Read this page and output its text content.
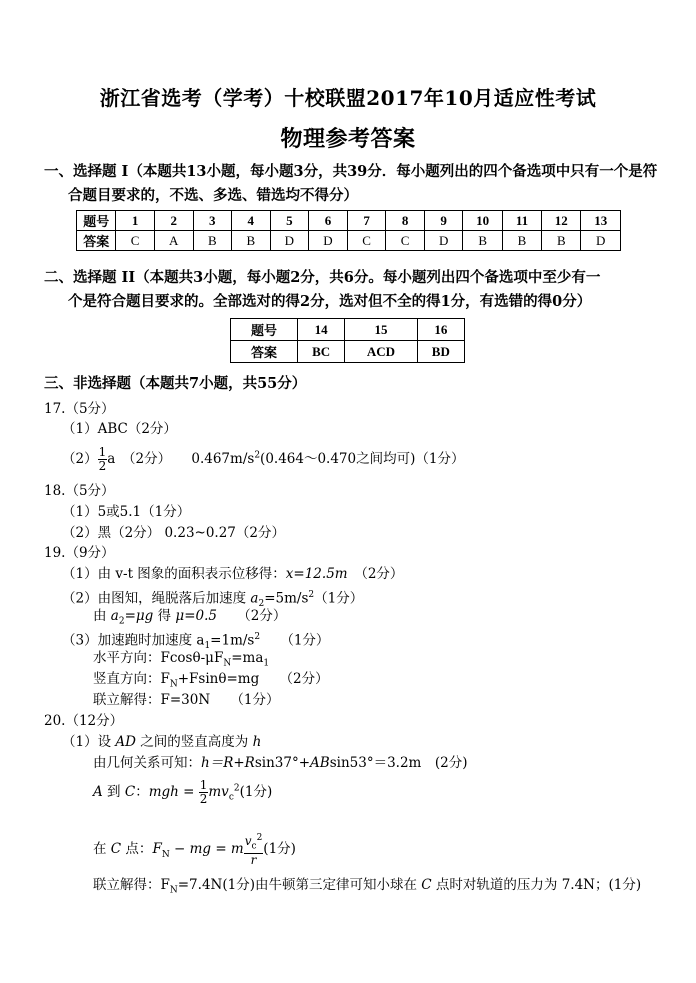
浙江省选考（学考）十校联盟2017年10月适应性考试
物理参考答案
一、选择题 I（本题共13小题，每小题3分，共39分．每小题列出的四个备选项中只有一个是符
合题目要求的，不选、多选、错选均不得分）
题号	1	2	3	4	5	6	7	8	9	10	11	12	13
答案	C	A	B	B	D	D	C	C	D	B	B	B	D
二、选择题 II（本题共3小题，每小题2分，共6分。每小题列出四个备选项中至少有一
个是符合题目要求的。全部选对的得2分，选对但不全的得1分，有选错的得0分）
题号	14	15	16
答案	BC	ACD	BD
三、非选择题（本题共7小题，共55分）
17.（5分）
（1）ABC（2分）
$(2) \frac{1}{2}$ a　（2分）　　$0.467m/s^2(0.464\sim 0.470$之间均可)（1分）
18.（5分）
（1）5或5.1（1分）
（2）黑（2分） 0.23~0.27（2分）
19.（9分）
（1）由 v-t 图象的面积表示位移得：x=12.5m　（2分）
（2）由图知，绳脱落后加速度 $a_2=5m/s^2(1$分）
由 $a_2=\mu g$ 得 μ=0.5　　（2分）
（3）加速跑时加速度 $a_1=1m/s^2$　　（1分）
水平方向：Fcosθ-$\mu F_N=ma_1$
竖直方向：$F_N+Fsin\theta=mg$　　（2分）
联立解得：F=30N　　（1分）
20.（12分）
（1）设 AD 之间的竖直高度为 h
由几何关系可知：h＝R+Rsin37°+ABsin53°＝3.2m　(2分)
A 到 C：mgh = $\frac{1}{2} mv_c^2(1$分)
在 C 点：$F_N$ − mg = m $\frac{v_c^2}{r} (1$分)
联立解得：$F_N=7.4N(1$分)由牛顿第三定律可知小球在 C 点时对轨道的压力为 7.4N；(1分)
